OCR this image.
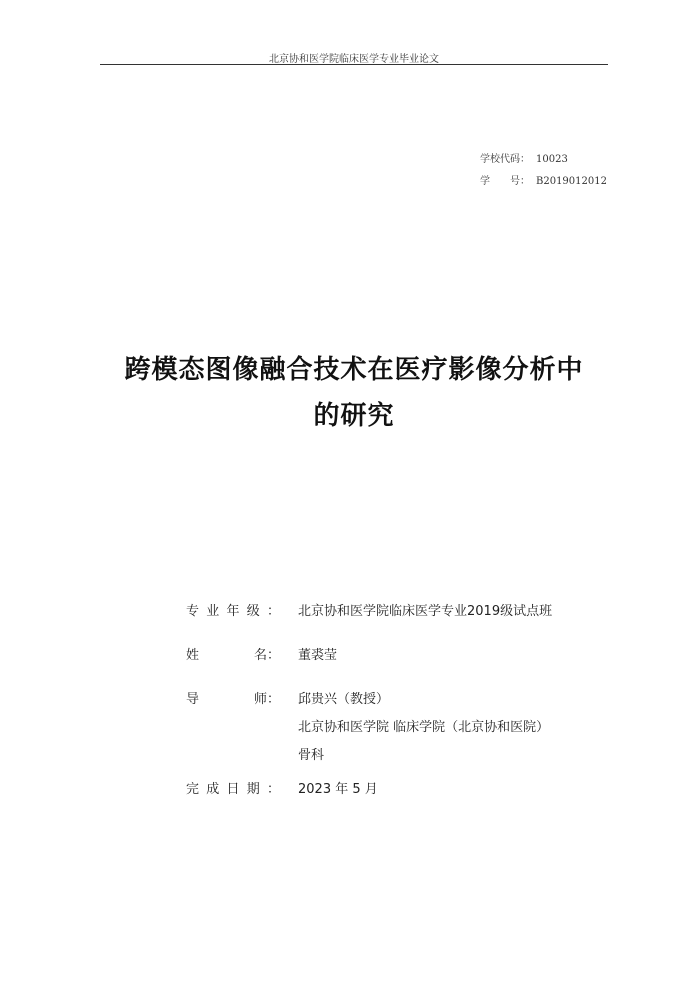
北京协和医学院临床医学专业毕业论文
学校代码： 10023
学　　号： B2019012012
跨模态图像融合技术在医疗影像分析中
的研究
专 业 年 级 ： 北京协和医学院临床医学专业2019级试点班
姓	名 ： 董裘莹
导	师 ： 邱贵兴（教授）
北京协和医学院 临床学院（北京协和医院）
骨科
完 成 日 期 ： 2023 年 5 月
